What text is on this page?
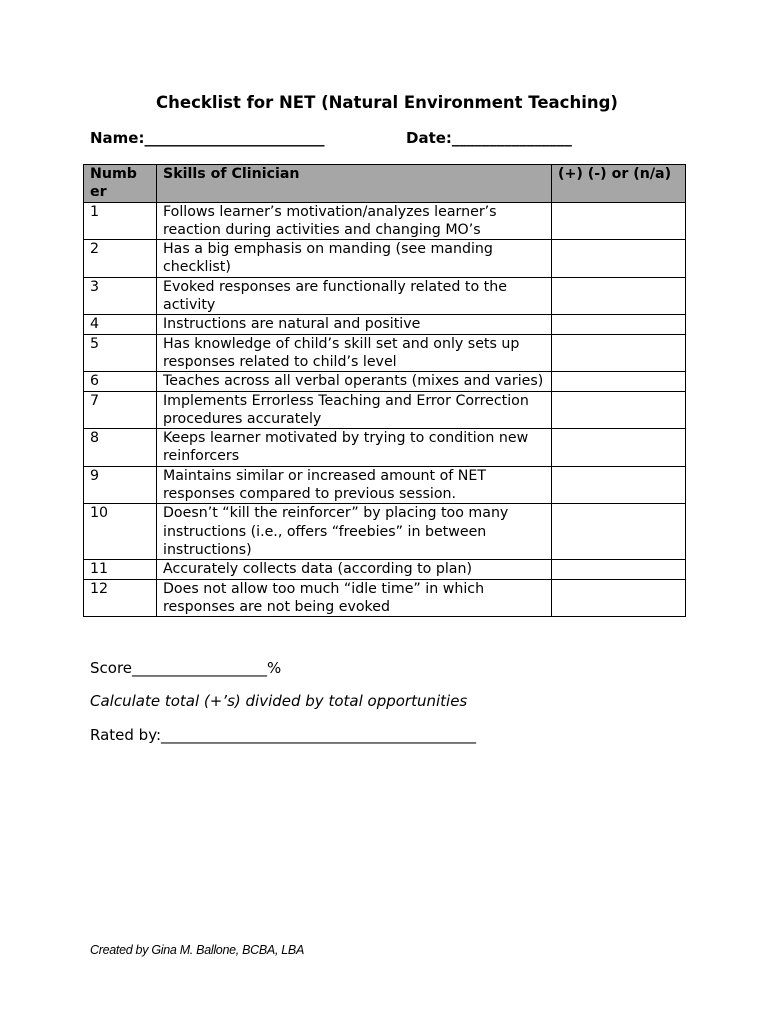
Checklist for NET (Natural Environment Teaching)
Name:________________________	Date:________________
Numb er	Skills of Clinician	(+) (-) or (n/a)
1	Follows learner’s motivation/analyzes learner’s reaction during activities and changing MO’s	
2	Has a big emphasis on manding (see manding checklist)	
3	Evoked responses are functionally related to the activity	
4	Instructions are natural and positive	
5	Has knowledge of child’s skill set and only sets up responses related to child’s level	
6	Teaches across all verbal operants (mixes and varies)	
7	Implements Errorless Teaching and Error Correction procedures accurately	
8	Keeps learner motivated by trying to condition new reinforcers	
9	Maintains similar or increased amount of NET responses compared to previous session.	
10	Doesn’t “kill the reinforcer” by placing too many instructions (i.e., offers “freebies” in between instructions)	
11	Accurately collects data (according to plan)	
12	Does not allow too much “idle time” in which responses are not being evoked	
Score__________________%
Calculate total (+’s) divided by total opportunities
Rated by:__________________________________________
Created by Gina M. Ballone, BCBA, LBA
